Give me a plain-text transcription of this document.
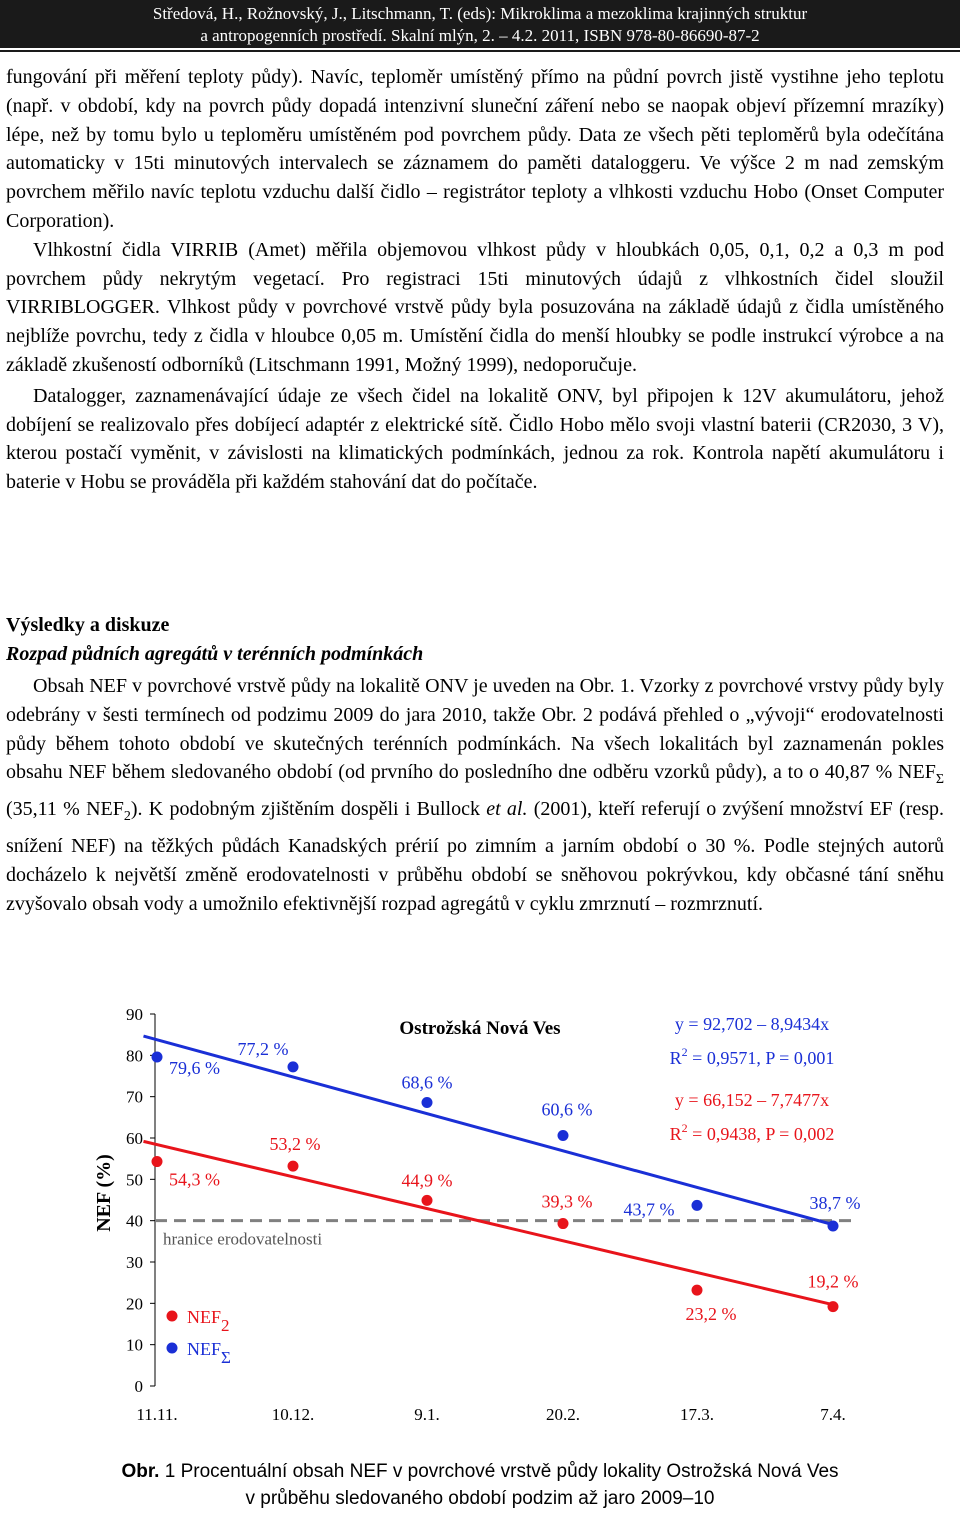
Středová, H., Rožnovský, J., Litschmann, T. (eds): Mikroklima a mezoklima krajinných struktur
a antropogenních prostředí. Skalní mlýn, 2. – 4.2. 2011, ISBN 978-80-86690-87-2

fungování při měření teploty půdy). Navíc, teploměr umístěný přímo na půdní povrch jistě vystihne jeho teplotu (např. v období, kdy na povrch půdy dopadá intenzivní sluneční záření nebo se naopak objeví přízemní mrazíky) lépe, než by tomu bylo u teploměru umístěném pod povrchem půdy. Data ze všech pěti teploměrů byla odečítána automaticky v 15ti minutových intervalech se záznamem do paměti dataloggeru. Ve výšce 2 m nad zemským povrchem měřilo navíc teplotu vzduchu další čidlo – registrátor teploty a vlhkosti vzduchu Hobo (Onset Computer Corporation).

Vlhkostní čidla VIRRIB (Amet) měřila objemovou vlhkost půdy v hloubkách 0,05, 0,1, 0,2 a 0,3 m pod povrchem půdy nekrytým vegetací. Pro registraci 15ti minutových údajů z vlhkostních čidel sloužil VIRRIBLOGGER. Vlhkost půdy v povrchové vrstvě půdy byla posuzována na základě údajů z čidla umístěného nejblíže povrchu, tedy z čidla v hloubce 0,05 m. Umístění čidla do menší hloubky se podle instrukcí výrobce a na základě zkušeností odborníků (Litschmann 1991, Možný 1999), nedoporučuje.

Datalogger, zaznamenávající údaje ze všech čidel na lokalitě ONV, byl připojen k 12V akumulátoru, jehož dobíjení se realizovalo přes dobíjecí adaptér z elektrické sítě. Čidlo Hobo mělo svoji vlastní baterii (CR2030, 3 V), kterou postačí vyměnit, v závislosti na klimatických podmínkách, jednou za rok. Kontrola napětí akumulátoru i baterie v Hobu se prováděla při každém stahování dat do počítače.

Výsledky a diskuze
Rozpad půdních agregátů v terénních podmínkách

Obsah NEF v povrchové vrstvě půdy na lokalitě ONV je uveden na Obr. 1. Vzorky z povrchové vrstvy půdy byly odebrány v šesti termínech od podzimu 2009 do jara 2010, takže Obr. 2 podává přehled o „vývoji“ erodovatelnosti půdy během tohoto období ve skutečných terénních podmínkách. Na všech lokalitách byl zaznamenán pokles obsahu NEF během sledovaného období (od prvního do posledního dne odběru vzorků půdy), a to o 40,87 % $NEF_\Sigma$ (35,11 % $NEF_2$). K podobným zjištěním dospěli i Bullock et al. (2001), kteří referují o zvýšení množství EF (resp. snížení NEF) na těžkých půdách Kanadských prérií po zimním a jarním období o 30 %. Podle stejných autorů docházelo k největší změně erodovatelnosti v průběhu období se sněhovou pokrývkou, kdy občasné tání sněhu zvyšovalo obsah vody a umožnilo efektivnější rozpad agregátů v cyklu zmrznutí – rozmrznutí.

0
10
20
30
40
50
60
70
80
90
11.11.	10.12.	9.1.	20.2.	17.3.	7.4.
hranice erodovatelnosti
79,6 %
77,2 %
68,6 %
60,6 %
43,7 %	38,7 %
54,3 %
53,2 %
44,9 %
39,3 %
23,2 %
19,2 %
y = 92,702 – 8,9434x
$R^2 = 0,9571$, P = 0,001
y = 66,152 – 7,7477x
$R^2 = 0,9438$, P = 0,002
NEF2
NEFΣ
NEF (%)
Ostrožská Nová Ves
Obr. 1 Procentuální obsah NEF v povrchové vrstvě půdy lokality Ostrožská Nová Ves
v průběhu sledovaného období podzim až jaro 2009–10
